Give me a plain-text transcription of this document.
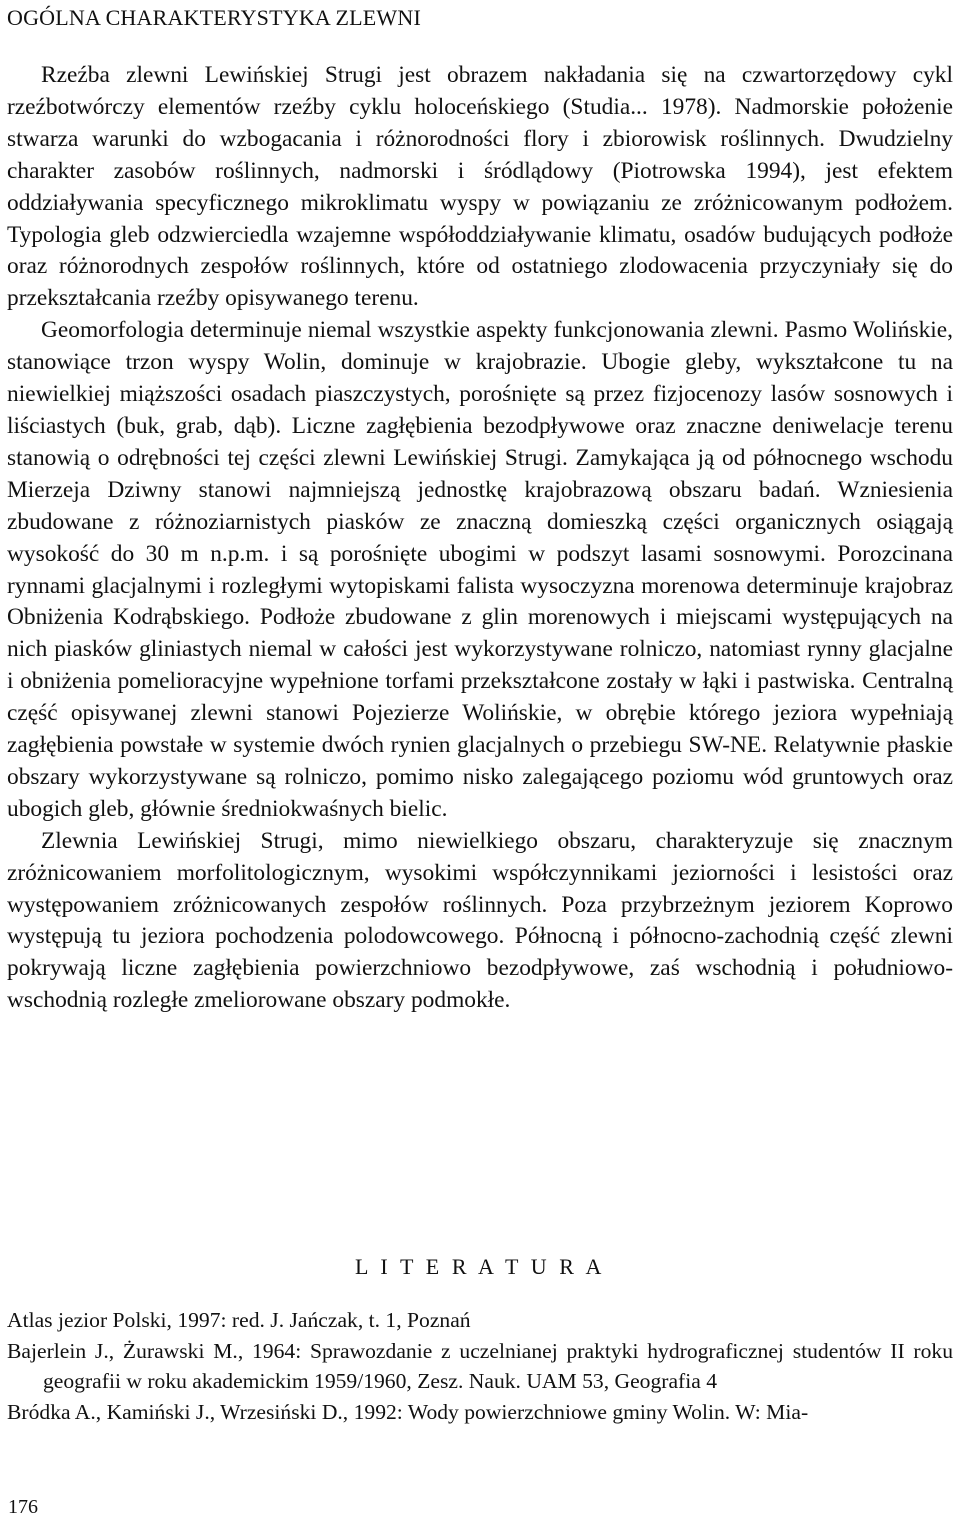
OGÓLNA CHARAKTERYSTYKA ZLEWNI

Rzeźba zlewni Lewińskiej Strugi jest obrazem nakładania się na czwartorzędowy cykl rzeźbotwórczy elementów rzeźby cyklu holoceńskiego (Studia... 1978). Nadmorskie położenie stwarza warunki do wzbogacania i różnorodności flory i zbiorowisk roślinnych. Dwudzielny charakter zasobów roślinnych, nadmorski i śródlądowy (Piotrowska 1994), jest efektem oddziaływania specyficznego mikroklimatu wyspy w powiązaniu ze zróżnicowanym podłożem. Typologia gleb odzwierciedla wzajemne współoddziaływanie klimatu, osadów budujących podłoże oraz różnorodnych zespołów roślinnych, które od ostatniego zlodowacenia przyczyniały się do przekształcania rzeźby opisywanego terenu.

Geomorfologia determinuje niemal wszystkie aspekty funkcjonowania zlewni. Pasmo Wolińskie, stanowiące trzon wyspy Wolin, dominuje w krajobrazie. Ubogie gleby, wykształcone tu na niewielkiej miąższości osadach piaszczystych, porośnięte są przez fizjocenozy lasów sosnowych i liściastych (buk, grab, dąb). Liczne zagłębienia bezodpływowe oraz znaczne deniwelacje terenu stanowią o odrębności tej części zlewni Lewińskiej Strugi. Zamykająca ją od północnego wschodu Mierzeja Dziwny stanowi najmniejszą jednostkę krajobrazową obszaru badań. Wzniesienia zbudowane z różnoziarnistych piasków ze znaczną domieszką części organicznych osiągają wysokość do 30 m n.p.m. i są porośnięte ubogimi w podszyt lasami sosnowymi. Porozcinana rynnami glacjalnymi i rozległymi wytopiskami falista wysoczyzna morenowa determinuje krajobraz Obniżenia Kodrąbskiego. Podłoże zbudowane z glin morenowych i miejscami występujących na nich piasków gliniastych niemal w całości jest wykorzystywane rolniczo, natomiast rynny glacjalne i obniżenia pomelioracyjne wypełnione torfami przekształcone zostały w łąki i pastwiska. Centralną część opisywanej zlewni stanowi Pojezierze Wolińskie, w obrębie którego jeziora wypełniają zagłębienia powstałe w systemie dwóch rynien glacjalnych o przebiegu SW-NE. Relatywnie płaskie obszary wykorzystywane są rolniczo, pomimo nisko zalegającego poziomu wód gruntowych oraz ubogich gleb, głównie średniokwaśnych bielic.

Zlewnia Lewińskiej Strugi, mimo niewielkiego obszaru, charakteryzuje się znacznym zróżnicowaniem morfolitologicznym, wysokimi współczynnikami jeziorności i lesistości oraz występowaniem zróżnicowanych zespołów roślinnych. Poza przybrzeżnym jeziorem Koprowo występują tu jeziora pochodzenia polodowcowego. Północną i północno-zachodnią część zlewni pokrywają liczne zagłębienia powierzchniowo bezodpływowe, zaś wschodnią i południowo-wschodnią rozległe zmeliorowane obszary podmokłe.

L I T E R A T U R A

Atlas jezior Polski, 1997: red. J. Jańczak, t. 1, Poznań

Bajerlein J., Żurawski M., 1964: Sprawozdanie z uczelnianej praktyki hydrograficznej studentów II roku geografii w roku akademickim 1959/1960, Zesz. Nauk. UAM 53, Geografia 4

Bródka A., Kamiński J., Wrzesiński D., 1992: Wody powierzchniowe gminy Wolin. W: Mia-

176
